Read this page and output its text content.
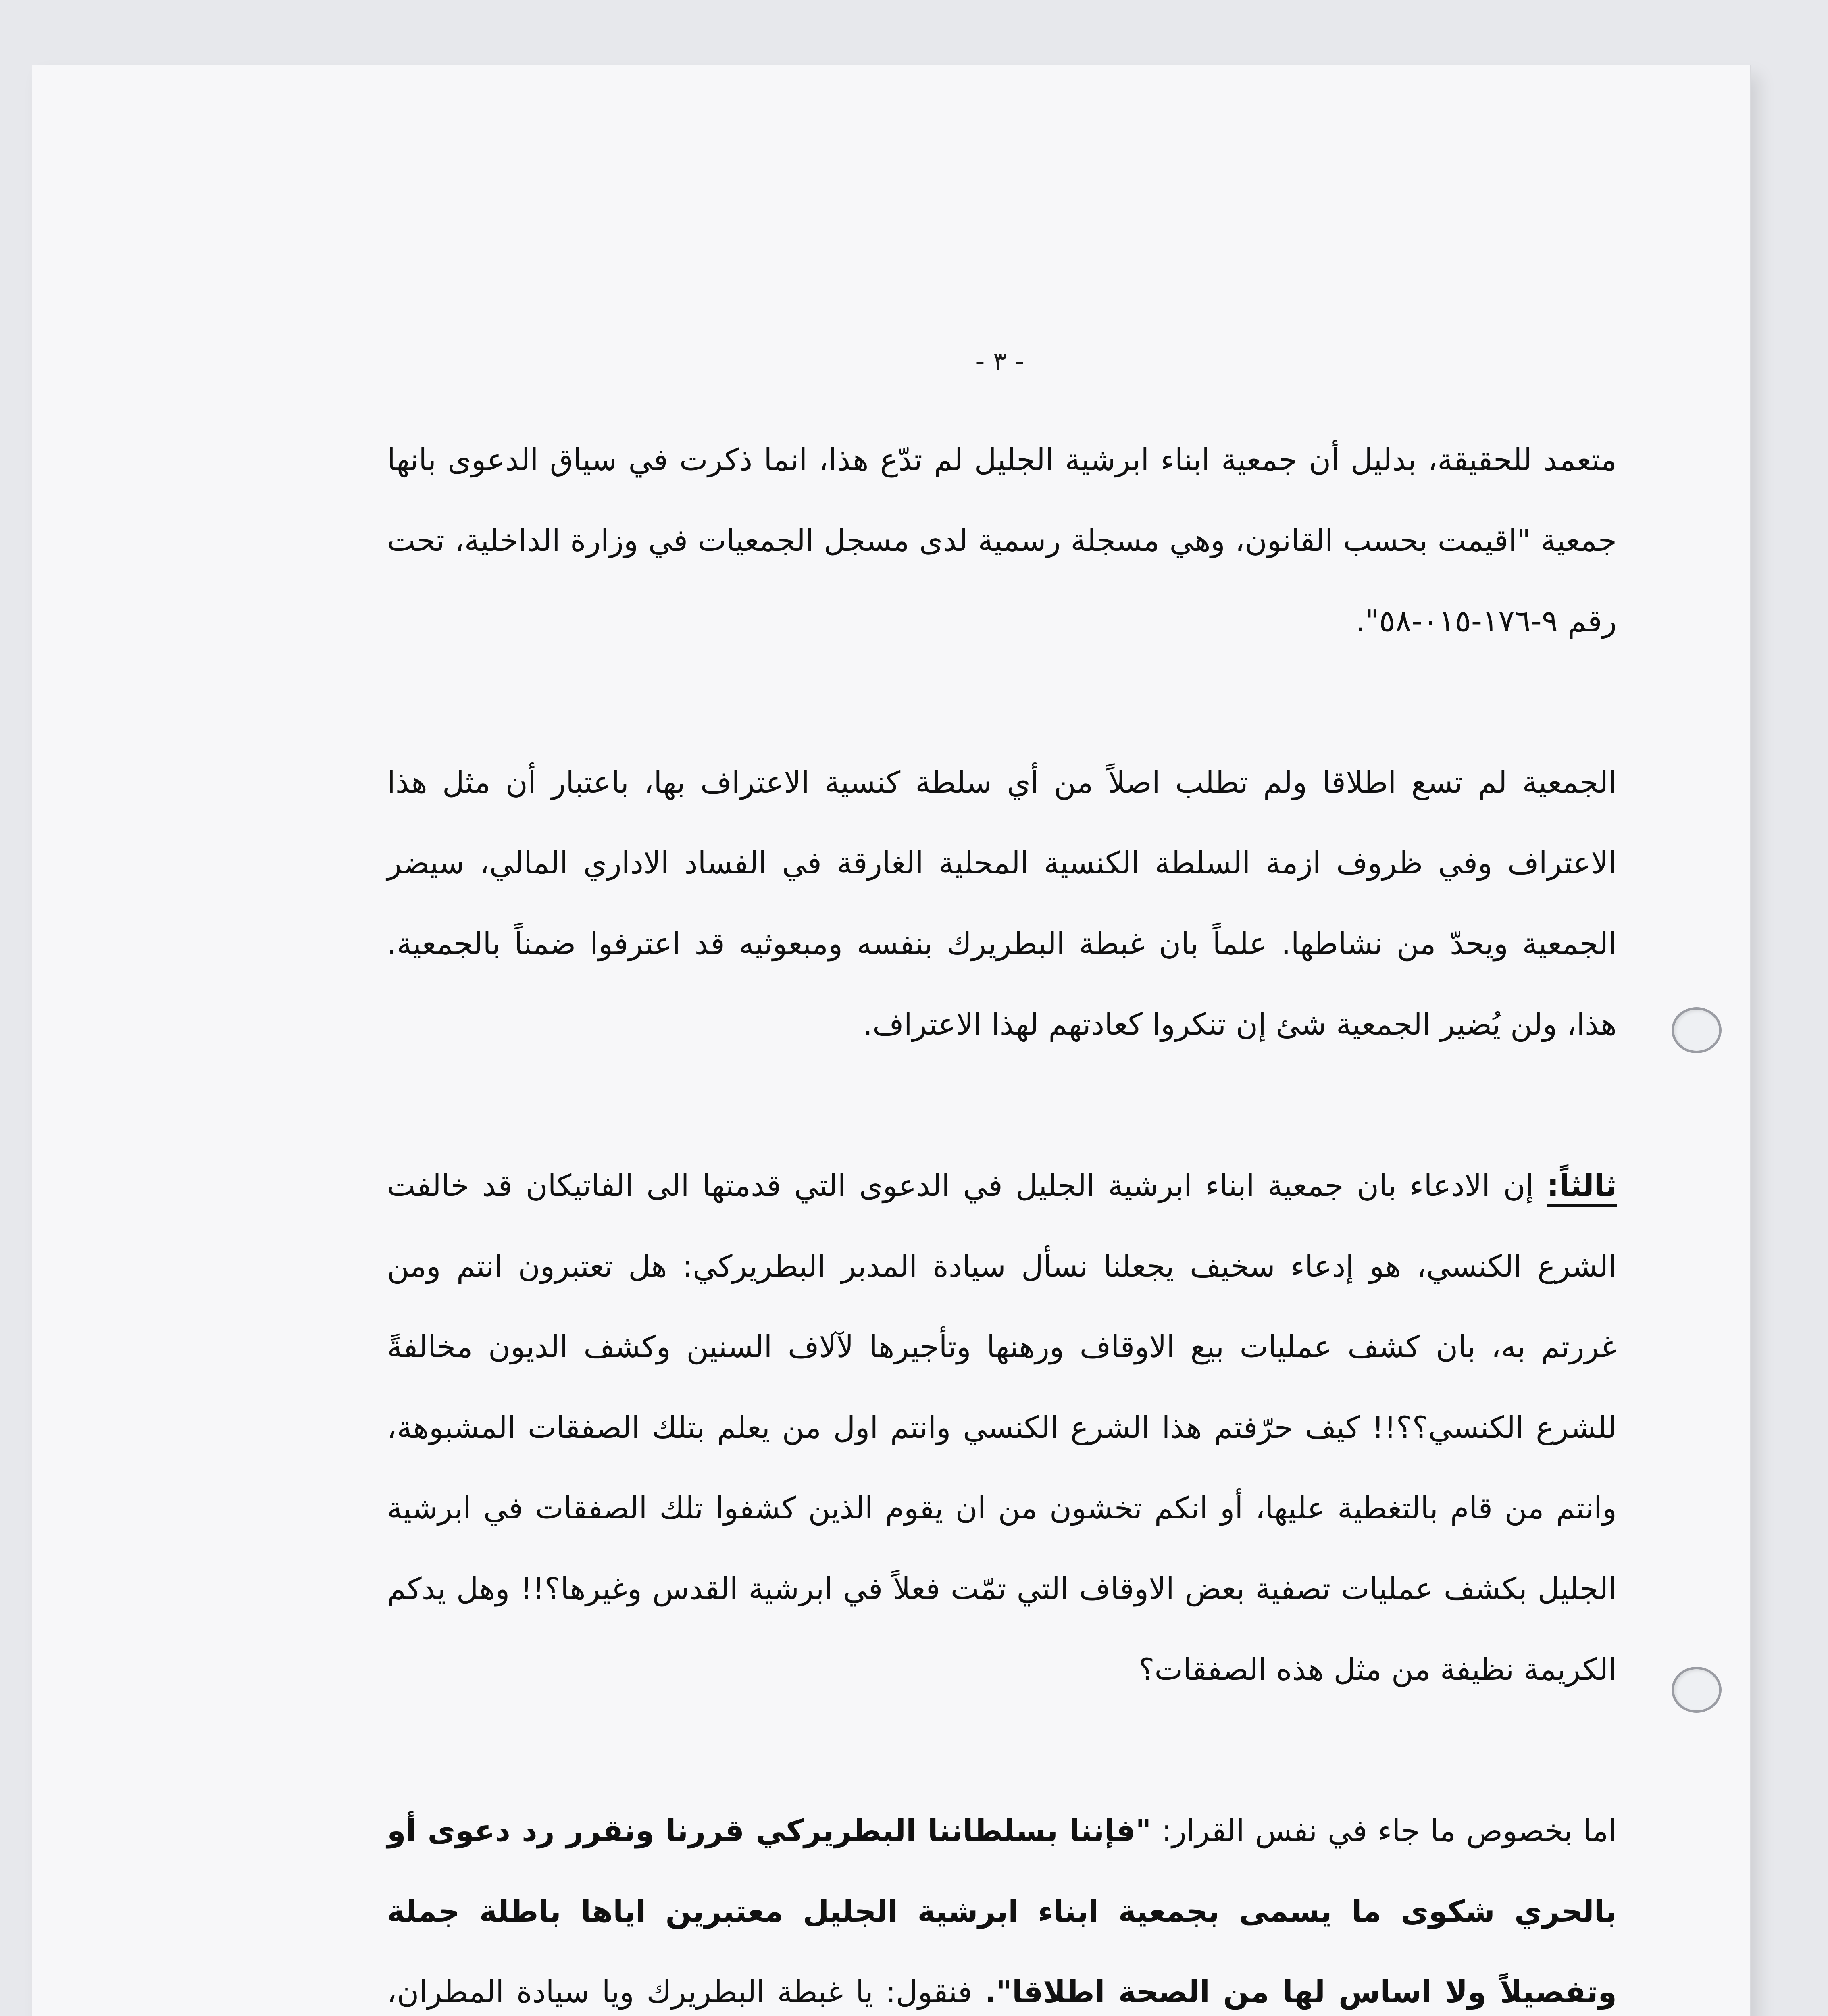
- ٣ -

متعمد للحقيقة، بدليل أن جمعية ابناء ابرشية الجليل لم تدّع هذا، انما ذكرت في سياق الدعوى بانها جمعية "اقيمت بحسب القانون، وهي مسجلة رسمية لدى مسجل الجمعيات في وزارة الداخلية، تحت رقم ٩-١٧٦-٠١٥-٥٨".

الجمعية لم تسع اطلاقا ولم تطلب اصلاً من أي سلطة كنسية الاعتراف بها، باعتبار أن مثل هذا الاعتراف وفي ظروف ازمة السلطة الكنسية المحلية الغارقة في الفساد الاداري المالي، سيضر الجمعية ويحدّ من نشاطها. علماً بان غبطة البطريرك بنفسه ومبعوثيه قد اعترفوا ضمناً بالجمعية. هذا، ولن يُضير الجمعية شئ إن تنكروا كعادتهم لهذا الاعتراف.

ثالثاً: إن الادعاء بان جمعية ابناء ابرشية الجليل في الدعوى التي قدمتها الى الفاتيكان قد خالفت الشرع الكنسي، هو إدعاء سخيف يجعلنا نسأل سيادة المدبر البطريركي: هل تعتبرون انتم ومن غررتم به، بان كشف عمليات بيع الاوقاف ورهنها وتأجيرها لآلاف السنين وكشف الديون مخالفةً للشرع الكنسي؟؟!! كيف حرّفتم هذا الشرع الكنسي وانتم اول من يعلم بتلك الصفقات المشبوهة، وانتم من قام بالتغطية عليها، أو انكم تخشون من ان يقوم الذين كشفوا تلك الصفقات في ابرشية الجليل بكشف عمليات تصفية بعض الاوقاف التي تمّت فعلاً في ابرشية القدس وغيرها؟!! وهل يدكم الكريمة نظيفة من مثل هذه الصفقات؟

اما بخصوص ما جاء في نفس القرار: "فإننا بسلطاننا البطريركي قررنا ونقرر رد دعوى أو بالحري شكوى ما يسمى بجمعية ابناء ابرشية الجليل معتبرين اياها باطلة جملة وتفصيلاً ولا اساس لها من الصحة اطلاقا". فنقول: يا غبطة البطريرك ويا سيادة المطران،
